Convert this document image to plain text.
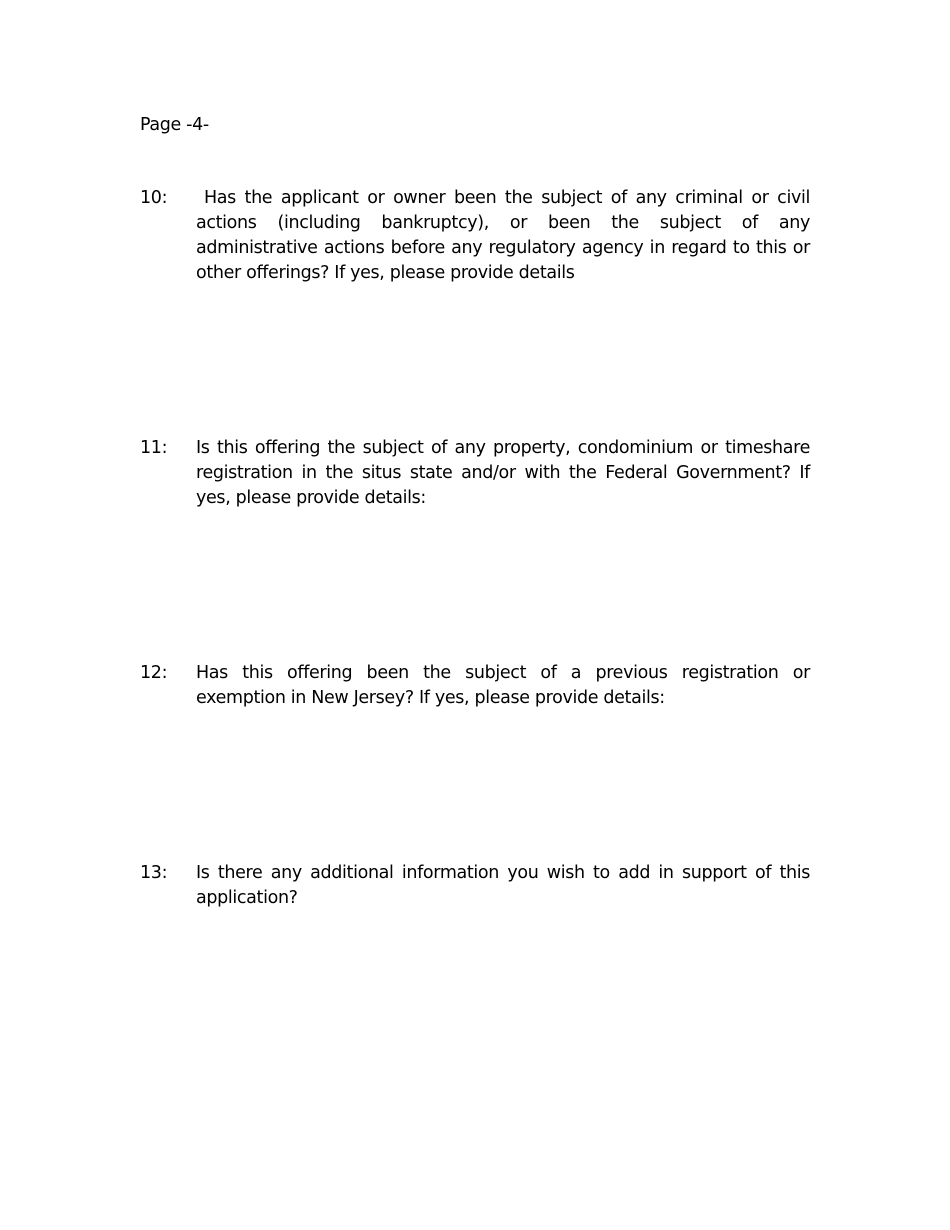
Page -4-
10:	Has the applicant or owner been the subject of any criminal or civil actions (including bankruptcy), or been the subject of any administrative actions before any regulatory agency in regard to this or other offerings? If yes, please provide details

11:	Is this offering the subject of any property, condominium or timeshare registration in the situs state and/or with the Federal Government? If yes, please provide details:

12:	Has this offering been the subject of a previous registration or exemption in New Jersey? If yes, please provide details:

13:	Is there any additional information you wish to add in support of this application?
